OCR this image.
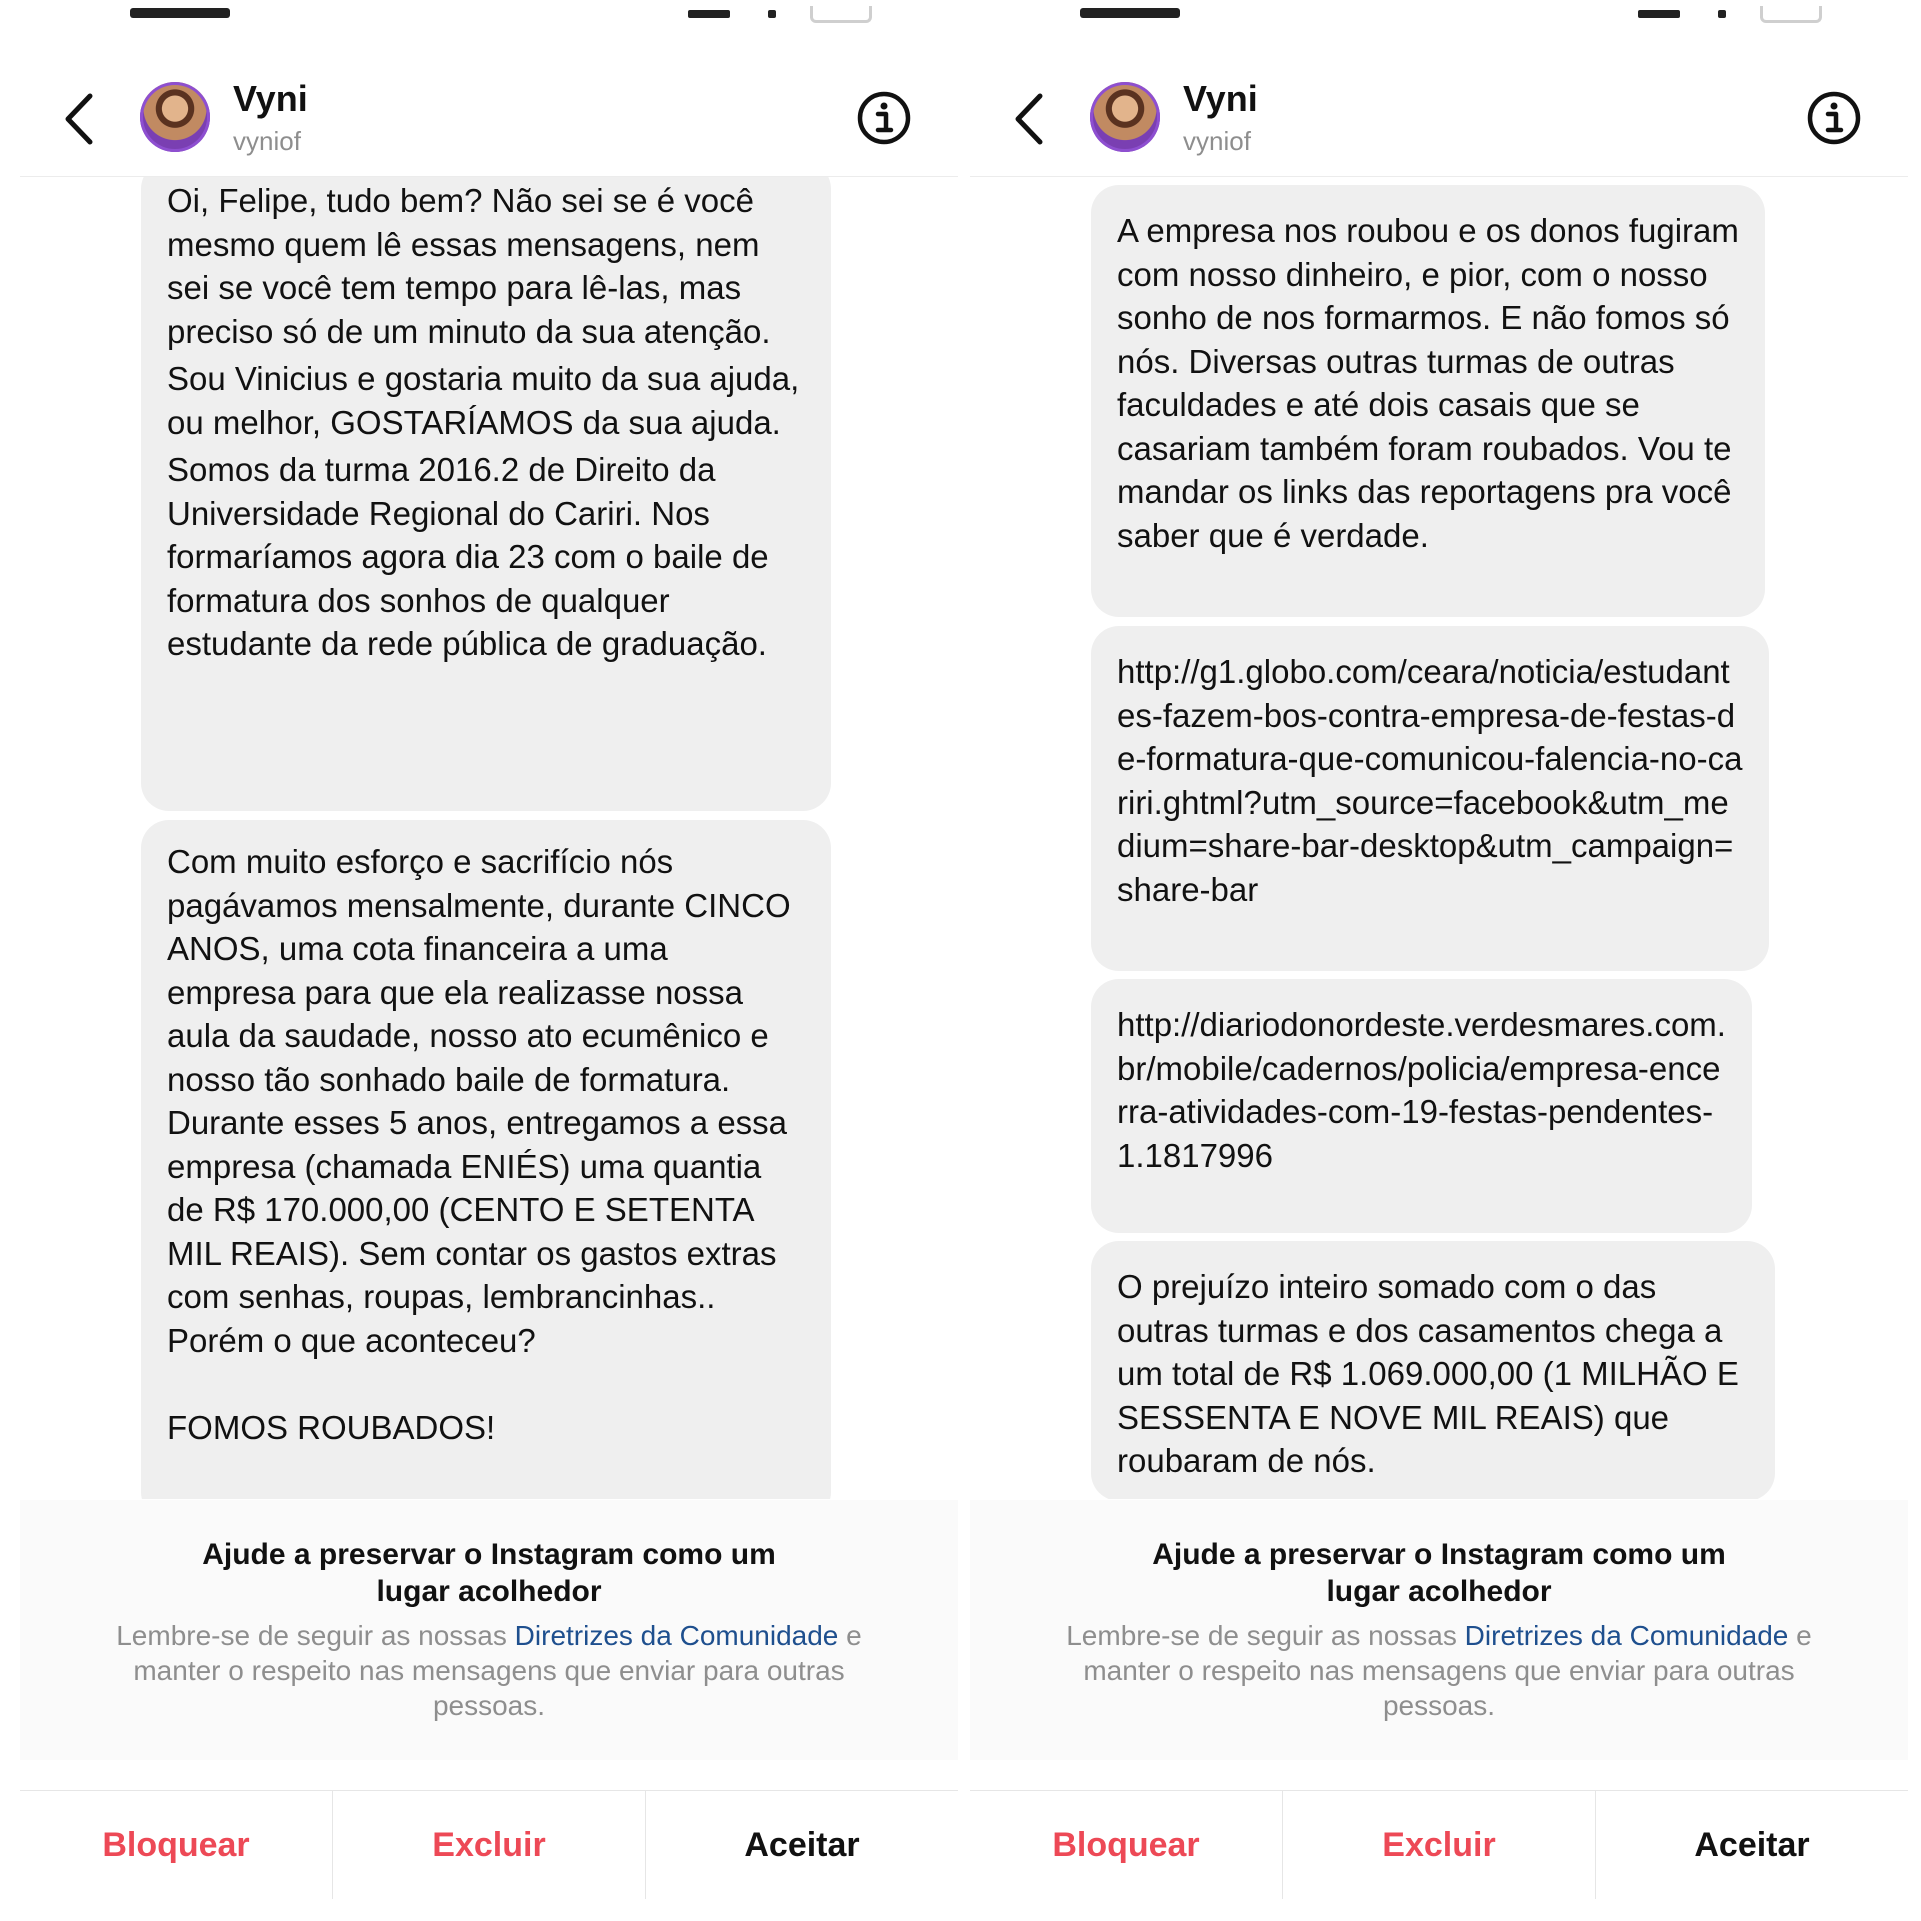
Vyni
vyniof

Oi, Felipe, tudo bem? Não sei se é você mesmo quem lê essas mensagens, nem sei se você tem tempo para lê-las, mas preciso só de um minuto da sua atenção.

Sou Vinicius e gostaria muito da sua ajuda, ou melhor, GOSTARÍAMOS da sua ajuda.

Somos da turma 2016.2 de Direito da Universidade Regional do Cariri. Nos formaríamos agora dia 23 com o baile de formatura dos sonhos de qualquer estudante da rede pública de graduação.

Com muito esforço e sacrifício nós pagávamos mensalmente, durante CINCO ANOS, uma cota financeira a uma empresa para que ela realizasse nossa aula da saudade, nosso ato ecumênico e nosso tão sonhado baile de formatura. Durante esses 5 anos, entregamos a essa empresa (chamada ENIÉS) uma quantia de R$ 170.000,00 (CENTO E SETENTA MIL REAIS). Sem contar os gastos extras com senhas, roupas, lembrancinhas.. Porém o que aconteceu?

FOMOS ROUBADOS!
Ajude a preservar o Instagram como um lugar acolhedor
Lembre-se de seguir as nossas Diretrizes da Comunidade e manter o respeito nas mensagens que enviar para outras pessoas.
Bloquear	Excluir	Aceitar
Vyni
vyniof
A empresa nos roubou e os donos fugiram com nosso dinheiro, e pior, com o nosso sonho de nos formarmos. E não fomos só nós. Diversas outras turmas de outras faculdades e até dois casais que se casariam também foram roubados. Vou te mandar os links das reportagens pra você saber que é verdade.
http://g1.globo.com/ceara/noticia/estudantes-fazem-bos-contra-empresa-de-festas-de-formatura-que-comunicou-falencia-no-cariri.ghtml?utm_source=facebook&utm_medium=share-bar-desktop&utm_campaign=share-bar
http://diariodonordeste.verdesmares.com.br/mobile/cadernos/policia/empresa-encerra-atividades-com-19-festas-pendentes-1.1817996
O prejuízo inteiro somado com o das outras turmas e dos casamentos chega a um total de R$ 1.069.000,00 (1 MILHÃO E  SESSENTA E NOVE MIL REAIS) que roubaram de nós.
Ajude a preservar o Instagram como um lugar acolhedor
Lembre-se de seguir as nossas Diretrizes da Comunidade e manter o respeito nas mensagens que enviar para outras pessoas.
Bloquear	Excluir	Aceitar
